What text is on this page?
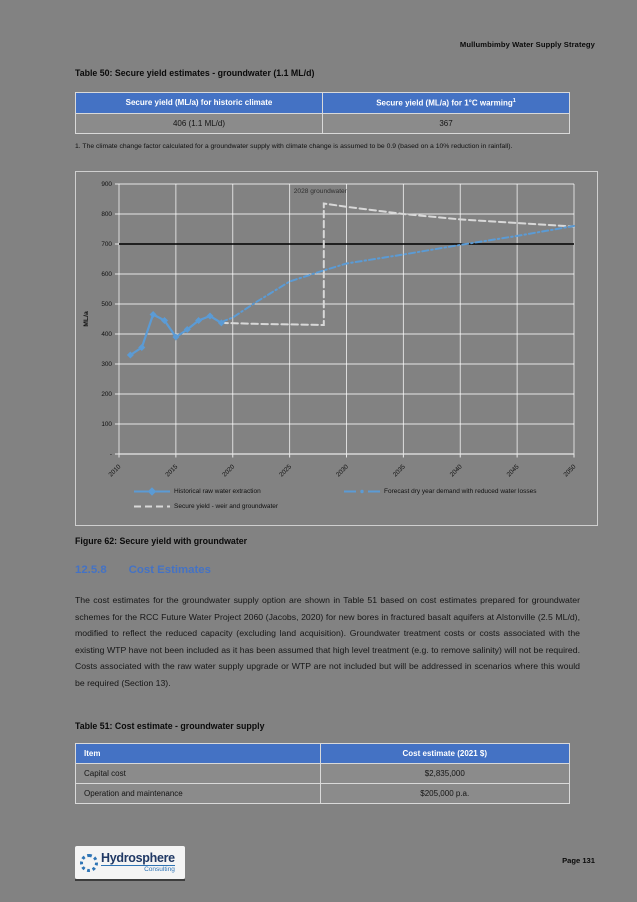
Mullumbimby Water Supply Strategy
Table 50: Secure yield estimates - groundwater (1.1 ML/d)
Secure yield (ML/a) for historic climate	Secure yield (ML/a) for 1°C warming$^1$
406 (1.1 ML/d)	367
1. The climate change factor calculated for a groundwater supply with climate change is assumed to be 0.9 (based on a 10% reduction in rainfall).
-
100
200
300
400
500
600
700
800
900
2010	2015	2020	2025	2030	2035	2040	2045	2050
ML/a
2028 groundwater
Historical raw water extraction
Secure yield - weir and groundwater
Forecast dry year demand with reduced water losses
Figure 62: Secure yield with groundwater
12.5.8 Cost Estimates
The cost estimates for the groundwater supply option are shown in Table 51 based on cost estimates prepared for groundwater schemes for the RCC Future Water Project 2060 (Jacobs, 2020) for new bores in fractured basalt aquifers at Alstonville (2.5 ML/d), modified to reflect the reduced capacity (excluding land acquisition). Groundwater treatment costs or costs associated with the existing WTP have not been included as it has been assumed that high level treatment (e.g. to remove salinity) will not be required. Costs associated with the raw water supply upgrade or WTP are not included but will be addressed in scenarios where this would be required (Section 13).
Table 51: Cost estimate - groundwater supply
Item	Cost estimate (2021 $)
Capital cost	$2,835,000
Operation and maintenance	$205,000 p.a.
Hydrosphere
Consulting
Page 131
